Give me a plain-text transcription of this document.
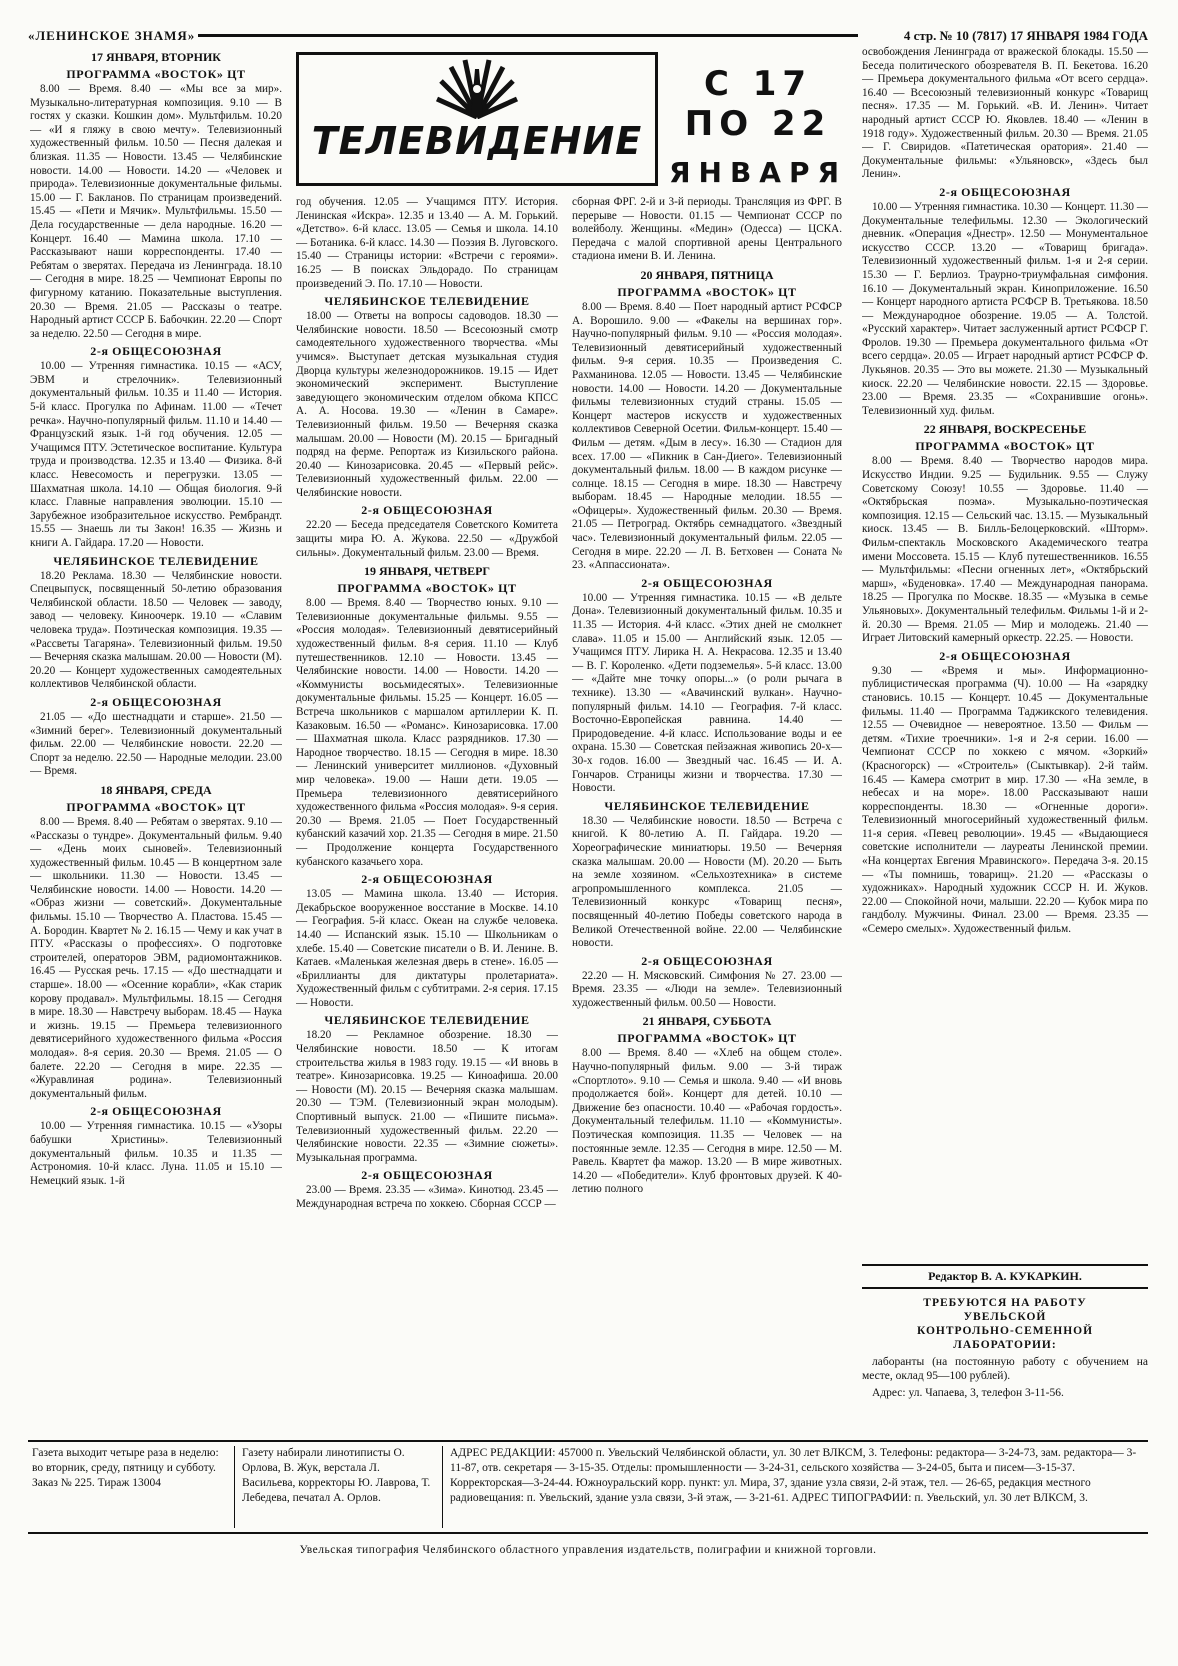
«ЛЕНИНСКОЕ ЗНАМЯ»	4 стр. № 10 (7817) 17 ЯНВАРЯ 1984 ГОДА
ТЕЛЕВИДЕНИЕ
С 17 ПО 22
ЯНВАРЯ
17 ЯНВАРЯ, ВТОРНИК
ПРОГРАММА «ВОСТОК» ЦТ

8.00 — Время. 8.40 — «Мы все за мир». Музыкально-литературная композиция. 9.10 — В гостях у сказки. Кошкин дом». Мультфильм. 10.20 — «И я гляжу в свою мечту». Телевизионный художественный фильм. 10.50 — Песня далекая и близкая. 11.35 — Новости. 13.45 — Челябинские новости. 14.00 — Новости. 14.20 — «Человек и природа». Телевизионные документальные фильмы. 15.00 — Г. Бакланов. По страницам произведений. 15.45 — «Пети и Мячик». Мультфильмы. 15.50 — Дела государственные — дела народные. 16.20 — Концерт. 16.40 — Мамина школа. 17.10 — Рассказывают наши корреспонденты. 17.40 — Ребятам о зверятах. Передача из Ленинграда. 18.10 — Сегодня в мире. 18.25 — Чемпионат Европы по фигурному катанию. Показательные выступления. 20.30 — Время. 21.05 — Рассказы о театре. Народный артист СССР Б. Бабочкин. 22.20 — Спорт за неделю. 22.50 — Сегодня в мире.

2-я ОБЩЕСОЮЗНАЯ

10.00 — Утренняя гимнастика. 10.15 — «АСУ, ЭВМ и стрелочник». Телевизионный документальный фильм. 10.35 и 11.40 — История. 5-й класс. Прогулка по Афинам. 11.00 — «Течет речка». Научно-популярный фильм. 11.10 и 14.40 — Французский язык. 1-й год обучения. 12.05 — Учащимся ПТУ. Эстетическое воспитание. Культура труда и производства. 12.35 и 13.40 — Физика. 8-й класс. Невесомость и перегрузки. 13.05 — Шахматная школа. 14.10 — Общая биология. 9-й класс. Главные направления эволюции. 15.10 — Зарубежное изобразительное искусство. Рембрандт. 15.55 — Знаешь ли ты Закон! 16.35 — Жизнь и книги А. Гайдара. 17.20 — Новости.

ЧЕЛЯБИНСКОЕ ТЕЛЕВИДЕНИЕ

18.20 Реклама. 18.30 — Челябинские новости. Спецвыпуск, посвященный 50-летию образования Челябинской области. 18.50 — Человек — заводу, завод — человеку. Киноочерк. 19.10 — «Славим человека труда». Поэтическая композиция. 19.35 — «Рассветы Тагаряна». Телевизионный фильм. 19.50 — Вечерняя сказка малышам. 20.00 — Новости (М). 20.20 — Концерт художественных самодеятельных коллективов Челябинской области.

2-я ОБЩЕСОЮЗНАЯ

21.05 — «До шестнадцати и старше». 21.50 — «Зимний берег». Телевизионный документальный фильм. 22.00 — Челябинские новости. 22.20 — Спорт за неделю. 22.50 — Народные мелодии. 23.00 — Время.

18 ЯНВАРЯ, СРЕДА
ПРОГРАММА «ВОСТОК» ЦТ

8.00 — Время. 8.40 — Ребятам о зверятах. 9.10 — «Рассказы о тундре». Документальный фильм. 9.40 — «День моих сыновей». Телевизионный художественный фильм. 10.45 — В концертном зале — школьники. 11.30 — Новости. 13.45 — Челябинские новости. 14.00 — Новости. 14.20 — «Образ жизни — советский». Документальные фильмы. 15.10 — Творчество А. Пластова. 15.45 — А. Бородин. Квартет № 2. 16.15 — Чему и как учат в ПТУ. «Рассказы о профессиях». О подготовке строителей, операторов ЭВМ, радиомонтажников. 16.45 — Русская речь. 17.15 — «До шестнадцати и старше». 18.00 — «Осенние корабли», «Как старик корову продавал». Мультфильмы. 18.15 — Сегодня в мире. 18.30 — Навстречу выборам. 18.45 — Наука и жизнь. 19.15 — Премьера телевизионного девятисерийного художественного фильма «Россия молодая». 8-я серия. 20.30 — Время. 21.05 — О балете. 22.20 — Сегодня в мире. 22.35 — «Журавлиная родина». Телевизионный документальный фильм.

2-я ОБЩЕСОЮЗНАЯ

10.00 — Утренняя гимнастика. 10.15 — «Узоры бабушки Христины». Телевизионный документальный фильм. 10.35 и 11.35 — Астрономия. 10-й класс. Луна. 11.05 и 15.10 — Немецкий язык. 1-й

год обучения. 12.05 — Учащимся ПТУ. История. Ленинская «Искра». 12.35 и 13.40 — А. М. Горький. «Детство». 6-й класс. 13.05 — Семья и школа. 14.10 — Ботаника. 6-й класс. 14.30 — Поэзия В. Луговского. 15.40 — Страницы истории: «Встречи с героями». 16.25 — В поисках Эльдорадо. По страницам произведений Э. По. 17.10 — Новости.

ЧЕЛЯБИНСКОЕ ТЕЛЕВИДЕНИЕ

18.00 — Ответы на вопросы садоводов. 18.30 — Челябинские новости. 18.50 — Всесоюзный смотр самодеятельного художественного творчества. «Мы учимся». Выступает детская музыкальная студия Дворца культуры железнодорожников. 19.15 — Идет экономический эксперимент. Выступление заведующего экономическим отделом обкома КПСС А. А. Носова. 19.30 — «Ленин в Самаре». Телевизионный фильм. 19.50 — Вечерняя сказка малышам. 20.00 — Новости (М). 20.15 — Бригадный подряд на ферме. Репортаж из Кизильского района. 20.40 — Кинозарисовка. 20.45 — «Первый рейс». Телевизионный художественный фильм. 22.00 — Челябинские новости.

2-я ОБЩЕСОЮЗНАЯ

22.20 — Беседа председателя Советского Комитета защиты мира Ю. А. Жукова. 22.50 — «Дружбой сильны». Документальный фильм. 23.00 — Время.

19 ЯНВАРЯ, ЧЕТВЕРГ
ПРОГРАММА «ВОСТОК» ЦТ

8.00 — Время. 8.40 — Творчество юных. 9.10 — Телевизионные документальные фильмы. 9.55 — «Россия молодая». Телевизионный девятисерийный художественный фильм. 8-я серия. 11.10 — Клуб путешественников. 12.10 — Новости. 13.45 — Челябинские новости. 14.00 — Новости. 14.20 — «Коммунисты восьмидесятых». Телевизионные документальные фильмы. 15.25 — Концерт. 16.05 — Встреча школьников с маршалом артиллерии К. П. Казаковым. 16.50 — «Романс». Кинозарисовка. 17.00 — Шахматная школа. Класс разрядников. 17.30 — Народное творчество. 18.15 — Сегодня в мире. 18.30 — Ленинский университет миллионов. «Духовный мир человека». 19.00 — Наши дети. 19.05 — Премьера телевизионного девятисерийного художественного фильма «Россия молодая». 9-я серия. 20.30 — Время. 21.05 — Поет Государственный кубанский казачий хор. 21.35 — Сегодня в мире. 21.50 — Продолжение концерта Государственного кубанского казачьего хора.

2-я ОБЩЕСОЮЗНАЯ

13.05 — Мамина школа. 13.40 — История. Декабрьское вооруженное восстание в Москве. 14.10 — География. 5-й класс. Океан на службе человека. 14.40 — Испанский язык. 15.10 — Школьникам о хлебе. 15.40 — Советские писатели о В. И. Ленине. В. Катаев. «Маленькая железная дверь в стене». 16.05 — «Бриллианты для диктатуры пролетариата». Художественный фильм с субтитрами. 2-я серия. 17.15 — Новости.

ЧЕЛЯБИНСКОЕ ТЕЛЕВИДЕНИЕ

18.20 — Рекламное обозрение. 18.30 — Челябинские новости. 18.50 — К итогам строительства жилья в 1983 году. 19.15 — «И вновь в театре». Кинозарисовка. 19.25 — Киноафиша. 20.00 — Новости (М). 20.15 — Вечерняя сказка малышам. 20.30 — ТЭМ. (Телевизионный экран молодым). Спортивный выпуск. 21.00 — «Пишите письма». Телевизионный художественный фильм. 22.20 — Челябинские новости. 22.35 — «Зимние сюжеты». Музыкальная программа.

2-я ОБЩЕСОЮЗНАЯ

23.00 — Время. 23.35 — «Зима». Кинотюд. 23.45 — Международная встреча по хоккею. Сборная СССР —

сборная ФРГ. 2-й и 3-й периоды. Трансляция из ФРГ. В перерыве — Новости. 01.15 — Чемпионат СССР по волейболу. Женщины. «Медин» (Одесса) — ЦСКА. Передача с малой спортивной арены Центрального стадиона имени В. И. Ленина.

20 ЯНВАРЯ, ПЯТНИЦА
ПРОГРАММА «ВОСТОК» ЦТ

8.00 — Время. 8.40 — Поет народный артист РСФСР А. Ворошило. 9.00 — «Факелы на вершинах гор». Научно-популярный фильм. 9.10 — «Россия молодая». Телевизионный девятисерийный художественный фильм. 9-я серия. 10.35 — Произведения С. Рахманинова. 12.05 — Новости. 13.45 — Челябинские новости. 14.00 — Новости. 14.20 — Документальные фильмы телевизионных студий страны. 15.05 — Концерт мастеров искусств и художественных коллективов Северной Осетии. Фильм-концерт. 15.40 — Фильм — детям. «Дым в лесу». 16.30 — Стадион для всех. 17.00 — «Пикник в Сан-Диего». Телевизионный документальный фильм. 18.00 — В каждом рисунке — солнце. 18.15 — Сегодня в мире. 18.30 — Навстречу выборам. 18.45 — Народные мелодии. 18.55 — «Офицеры». Художественный фильм. 20.30 — Время. 21.05 — Петроград. Октябрь семнадцатого. «Звездный час». Телевизионный документальный фильм. 22.05 — Сегодня в мире. 22.20 — Л. В. Бетховен — Соната № 23. «Аппассионата».

2-я ОБЩЕСОЮЗНАЯ

10.00 — Утренняя гимнастика. 10.15 — «В дельте Дона». Телевизионный документальный фильм. 10.35 и 11.35 — История. 4-й класс. «Этих дней не смолкнет слава». 11.05 и 15.00 — Английский язык. 12.05 — Учащимся ПТУ. Лирика Н. А. Некрасова. 12.35 и 13.40 — В. Г. Короленко. «Дети подземелья». 5-й класс. 13.00 — «Дайте мне точку опоры...» (о роли рычага в технике). 13.30 — «Авачинский вулкан». Научно-популярный фильм. 14.10 — География. 7-й класс. Восточно-Европейская равнина. 14.40 — Природоведение. 4-й класс. Использование воды и ее охрана. 15.30 — Советская пейзажная живопись 20-х—30-х годов. 16.00 — Звездный час. 16.45 — И. А. Гончаров. Страницы жизни и творчества. 17.30 — Новости.

ЧЕЛЯБИНСКОЕ ТЕЛЕВИДЕНИЕ

18.30 — Челябинские новости. 18.50 — Встреча с книгой. К 80-летию А. П. Гайдара. 19.20 — Хореографические миниатюры. 19.50 — Вечерняя сказка малышам. 20.00 — Новости (М). 20.20 — Быть на земле хозяином. «Сельхозтехника» в системе агропромышленного комплекса. 21.05 — Телевизионный конкурс «Товарищ песня», посвященный 40-летию Победы советского народа в Великой Отечественной войне. 22.00 — Челябинские новости.

2-я ОБЩЕСОЮЗНАЯ

22.20 — Н. Мясковский. Симфония № 27. 23.00 — Время. 23.35 — «Люди на земле». Телевизионный художественный фильм. 00.50 — Новости.

21 ЯНВАРЯ, СУББОТА
ПРОГРАММА «ВОСТОК» ЦТ

8.00 — Время. 8.40 — «Хлеб на общем столе». Научно-популярный фильм. 9.00 — 3-й тираж «Спортлото». 9.10 — Семья и школа. 9.40 — «И вновь продолжается бой». Концерт для детей. 10.10 — Движение без опасности. 10.40 — «Рабочая гордость». Документальный телефильм. 11.10 — «Коммунисты». Поэтическая композиция. 11.35 — Человек — на постоянные земле. 12.35 — Сегодня в мире. 12.50 — М. Равель. Квартет фа мажор. 13.20 — В мире животных. 14.20 — «Победители». Клуб фронтовых друзей. К 40-летию полного

освобождения Ленинграда от вражеской блокады. 15.50 — Беседа политического обозревателя В. П. Бекетова. 16.20 — Премьера документального фильма «От всего сердца». 16.40 — Всесоюзный телевизионный конкурс «Товарищ песня». 17.35 — М. Горький. «В. И. Ленин». Читает народный артист СССР Ю. Яковлев. 18.40 — «Ленин в 1918 году». Художественный фильм. 20.30 — Время. 21.05 — Г. Свиридов. «Патетическая оратория». 21.40 — Документальные фильмы: «Ульяновск», «Здесь был Ленин».

2-я ОБЩЕСОЮЗНАЯ

10.00 — Утренняя гимнастика. 10.30 — Концерт. 11.30 — Документальные телефильмы. 12.30 — Экологический дневник. «Операция «Днестр». 12.50 — Монументальное искусство СССР. 13.20 — «Товарищ бригада». Телевизионный художественный фильм. 1-я и 2-я серии. 15.30 — Г. Берлиоз. Траурно-триумфальная симфония. 16.10 — Документальный экран. Киноприложение. 16.50 — Концерт народного артиста РСФСР В. Третьякова. 18.50 — Международное обозрение. 19.05 — А. Толстой. «Русский характер». Читает заслуженный артист РСФСР Г. Фролов. 19.30 — Премьера документального фильма «От всего сердца». 20.05 — Играет народный артист РСФСР Ф. Лукьянов. 20.35 — Это вы можете. 21.30 — Музыкальный киоск. 22.20 — Челябинские новости. 22.15 — Здоровье. 23.00 — Время. 23.35 — «Сохранившие огонь». Телевизионный худ. фильм.

22 ЯНВАРЯ, ВОСКРЕСЕНЬЕ
ПРОГРАММА «ВОСТОК» ЦТ

8.00 — Время. 8.40 — Творчество народов мира. Искусство Индии. 9.25 — Будильник. 9.55 — Служу Советскому Союзу! 10.55 — Здоровье. 11.40 — «Октябрьская поэма». Музыкально-поэтическая композиция. 12.15 — Сельский час. 13.15. — Музыкальный киоск. 13.45 — В. Билль-Белоцерковский. «Шторм». Фильм-спектакль Московского Академического театра имени Моссовета. 15.15 — Клуб путешественников. 16.55 — Мультфильмы: «Песни огненных лет», «Октябрьский марш», «Буденовка». 17.40 — Международная панорама. 18.25 — Прогулка по Москве. 18.35 — «Музыка в семье Ульяновых». Документальный телефильм. Фильмы 1-й и 2-й. 20.30 — Время. 21.05 — Мир и молодежь. 21.40 — Играет Литовский камерный оркестр. 22.25. — Новости.

2-я ОБЩЕСОЮЗНАЯ

9.30 — «Время и мы». Информационно-публицистическая программа (Ч). 10.00 — На «зарядку становись. 10.15 — Концерт. 10.45 — Документальные фильмы. 11.40 — Программа Таджикского телевидения. 12.55 — Очевидное — невероятное. 13.50 — Фильм — детям. «Тихие троечники». 1-я и 2-я серии. 16.00 — Чемпионат СССР по хоккею с мячом. «Зоркий» (Красногорск) — «Строитель» (Сыктывкар). 2-й тайм. 16.45 — Камера смотрит в мир. 17.30 — «На земле, в небесах и на море». 18.00 Рассказывают наши корреспонденты. 18.30 — «Огненные дороги». Телевизионный многосерийный художественный фильм. 11-я серия. «Певец революции». 19.45 — «Выдающиеся советские исполнители — лауреаты Ленинской премии. «На концертах Евгения Мравинского». Передача 3-я. 20.15 — «Ты помнишь, товарищ». 21.20 — «Рассказы о художниках». Народный художник СССР Н. И. Жуков. 22.00 — Спокойной ночи, малыши. 22.20 — Кубок мира по гандболу. Мужчины. Финал. 23.00 — Время. 23.35 — «Семеро смелых». Художественный фильм.

Редактор В. А. КУКАРКИН.
ТРЕБУЮТСЯ НА РАБОТУ
УВЕЛЬСКОЙ
КОНТРОЛЬНО-СЕМЕННОЙ
ЛАБОРАТОРИИ:

лаборанты (на постоянную работу с обучением на месте, оклад 95—100 рублей).

Адрес: ул. Чапаева, 3, телефон 3-11-56.

Газета выходит четыре раза в неделю: во вторник, среду, пятницу и субботу. Заказ № 225. Тираж 13004
Газету набирали линотиписты О. Орлова, В. Жук, верстала Л. Васильева, корректоры Ю. Лаврова, Т. Лебедева, печатал А. Орлов.
АДРЕС РЕДАКЦИИ: 457000 п. Увельский Челябинской области, ул. 30 лет ВЛКСМ, 3. Телефоны: редактора— 3-24-73, зам. редактора— 3-11-87, отв. секретаря — 3-15-35. Отделы: промышленности — 3-24-31, сельского хозяйства — 3-24-05, быта и писем—3-15-37. Корректорская—3-24-44. Южноуральский корр. пункт: ул. Мира, 37, здание узла связи, 2-й этаж, тел. — 26-65, редакция местного радиовещания: п. Увельский, здание узла связи, 3-й этаж, — 3-21-61. АДРЕС ТИПОГРАФИИ: п. Увельский, ул. 30 лет ВЛКСМ, 3.
Увельская типография Челябинского областного управления издательств, полиграфии и книжной торговли.
